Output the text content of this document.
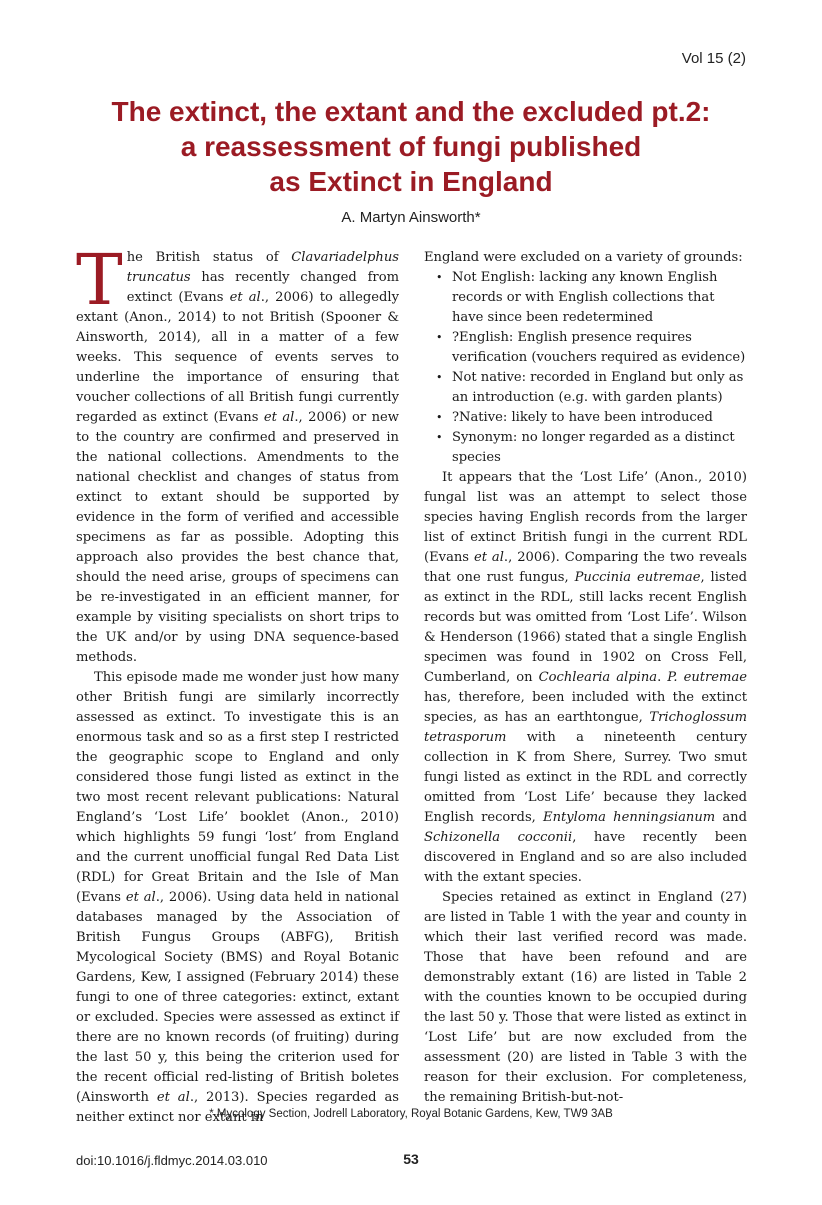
Vol 15 (2)
The extinct, the extant and the excluded pt.2:
a reassessment of fungi published
as Extinct in England
A. Martyn Ainsworth*

The British status of Clavariadelphus truncatus has recently changed from extinct (Evans et al., 2006) to allegedly extant (Anon., 2014) to not British (Spooner & Ainsworth, 2014), all in a matter of a few weeks. This sequence of events serves to underline the importance of ensuring that voucher collections of all British fungi currently regarded as extinct (Evans et al., 2006) or new to the country are confirmed and preserved in the national collections. Amendments to the national checklist and changes of status from extinct to extant should be supported by evidence in the form of verified and accessible specimens as far as possible. Adopting this approach also provides the best chance that, should the need arise, groups of specimens can be re-investigated in an efficient manner, for example by visiting specialists on short trips to the UK and/or by using DNA sequence-based methods.

This episode made me wonder just how many other British fungi are similarly incorrectly assessed as extinct. To investigate this is an enormous task and so as a first step I restricted the geographic scope to England and only considered those fungi listed as extinct in the two most recent relevant publications: Natural England’s ‘Lost Life’ booklet (Anon., 2010) which highlights 59 fungi ‘lost’ from England and the current unofficial fungal Red Data List (RDL) for Great Britain and the Isle of Man (Evans et al., 2006). Using data held in national databases managed by the Association of British Fungus Groups (ABFG), British Mycological Society (BMS) and Royal Botanic Gardens, Kew, I assigned (February 2014) these fungi to one of three categories: extinct, extant or excluded. Species were assessed as extinct if there are no known records (of fruiting) during the last 50 y, this being the criterion used for the recent official red-listing of British boletes (Ainsworth et al., 2013). Species regarded as neither extinct nor extant in

England were excluded on a variety of grounds:

• Not English: lacking any known English records or with English collections that have since been redetermined
• ?English: English presence requires verification (vouchers required as evidence)
• Not native: recorded in England but only as an introduction (e.g. with garden plants)
• ?Native: likely to have been introduced
• Synonym: no longer regarded as a distinct species

It appears that the ‘Lost Life’ (Anon., 2010) fungal list was an attempt to select those species having English records from the larger list of extinct British fungi in the current RDL (Evans et al., 2006). Comparing the two reveals that one rust fungus, Puccinia eutremae, listed as extinct in the RDL, still lacks recent English records but was omitted from ‘Lost Life’. Wilson & Henderson (1966) stated that a single English specimen was found in 1902 on Cross Fell, Cumberland, on Cochlearia alpina. P. eutremae has, therefore, been included with the extinct species, as has an earthtongue, Trichoglossum tetrasporum with a nineteenth century collection in K from Shere, Surrey. Two smut fungi listed as extinct in the RDL and correctly omitted from ‘Lost Life’ because they lacked English records, Entyloma henningsianum and Schizonella cocconii, have recently been discovered in England and so are also included with the extant species.

Species retained as extinct in England (27) are listed in Table 1 with the year and county in which their last verified record was made. Those that have been refound and are demonstrably extant (16) are listed in Table 2 with the counties known to be occupied during the last 50 y. Those that were listed as extinct in ‘Lost Life’ but are now excluded from the assessment (20) are listed in Table 3 with the reason for their exclusion. For completeness, the remaining British-but-not-

* Mycology Section, Jodrell Laboratory, Royal Botanic Gardens, Kew, TW9 3AB
doi:10.1016/j.fldmyc.2014.03.010	53
